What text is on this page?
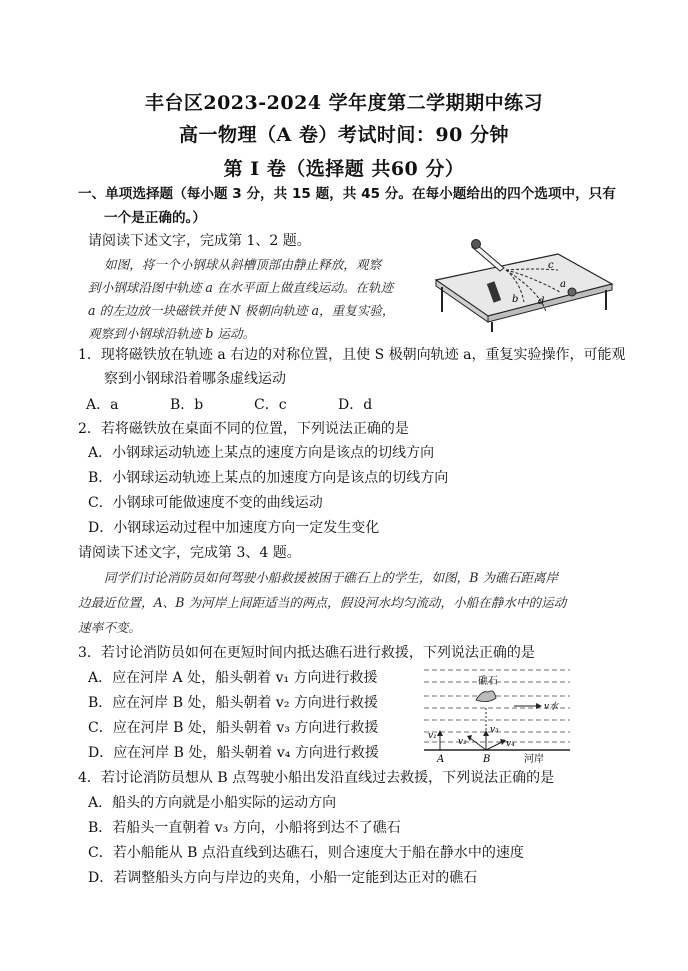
丰台区2023-2024 学年度第二学期期中练习
高一物理（A 卷）考试时间：90 分钟
第 I 卷（选择题 共60 分）
一、单项选择题（每小题 3 分，共 15 题，共 45 分。在每小题给出的四个选项中，只有
一个是正确的。）
请阅读下述文字，完成第 1、2 题。
如图，将一个小钢球从斜槽顶部由静止释放，观察
到小钢球沿图中轨迹 a 在水平面上做直线运动。在轨迹
a 的左边放一块磁铁并使 N 极朝向轨迹 a，重复实验，
观察到小钢球沿轨迹 b 运动。
c
a
b d
1．现将磁铁放在轨迹 a 右边的对称位置，且使 S 极朝向轨迹 a，重复实验操作，可能观
察到小钢球沿着哪条虚线运动
A．a	B．b	C．c	D．d
2．若将磁铁放在桌面不同的位置，下列说法正确的是
A．小钢球运动轨迹上某点的速度方向是该点的切线方向
B．小钢球运动轨迹上某点的加速度方向是该点的切线方向
C．小钢球可能做速度不变的曲线运动
D．小钢球运动过程中加速度方向一定发生变化
请阅读下述文字，完成第 3、4 题。
同学们讨论消防员如何驾驶小船救援被困于礁石上的学生，如图，B 为礁石距离岸
边最近位置，A、B 为河岸上间距适当的两点，假设河水均匀流动，小船在静水中的运动
速率不变。
3．若讨论消防员如何在更短时间内抵达礁石进行救援，下列说法正确的是
A．应在河岸 A 处，船头朝着 v₁ 方向进行救援
B．应在河岸 B 处，船头朝着 v₂ 方向进行救援
C．应在河岸 B 处，船头朝着 v₃ 方向进行救援
D．应在河岸 B 处，船头朝着 v₄ 方向进行救援
礁石
v水
v₁
v₂
v₃
v₄
A	B	河岸
4．若讨论消防员想从 B 点驾驶小船出发沿直线过去救援，下列说法正确的是
A．船头的方向就是小船实际的运动方向
B．若船头一直朝着 v₃ 方向，小船将到达不了礁石
C．若小船能从 B 点沿直线到达礁石，则合速度大于船在静水中的速度
D．若调整船头方向与岸边的夹角，小船一定能到达正对的礁石
